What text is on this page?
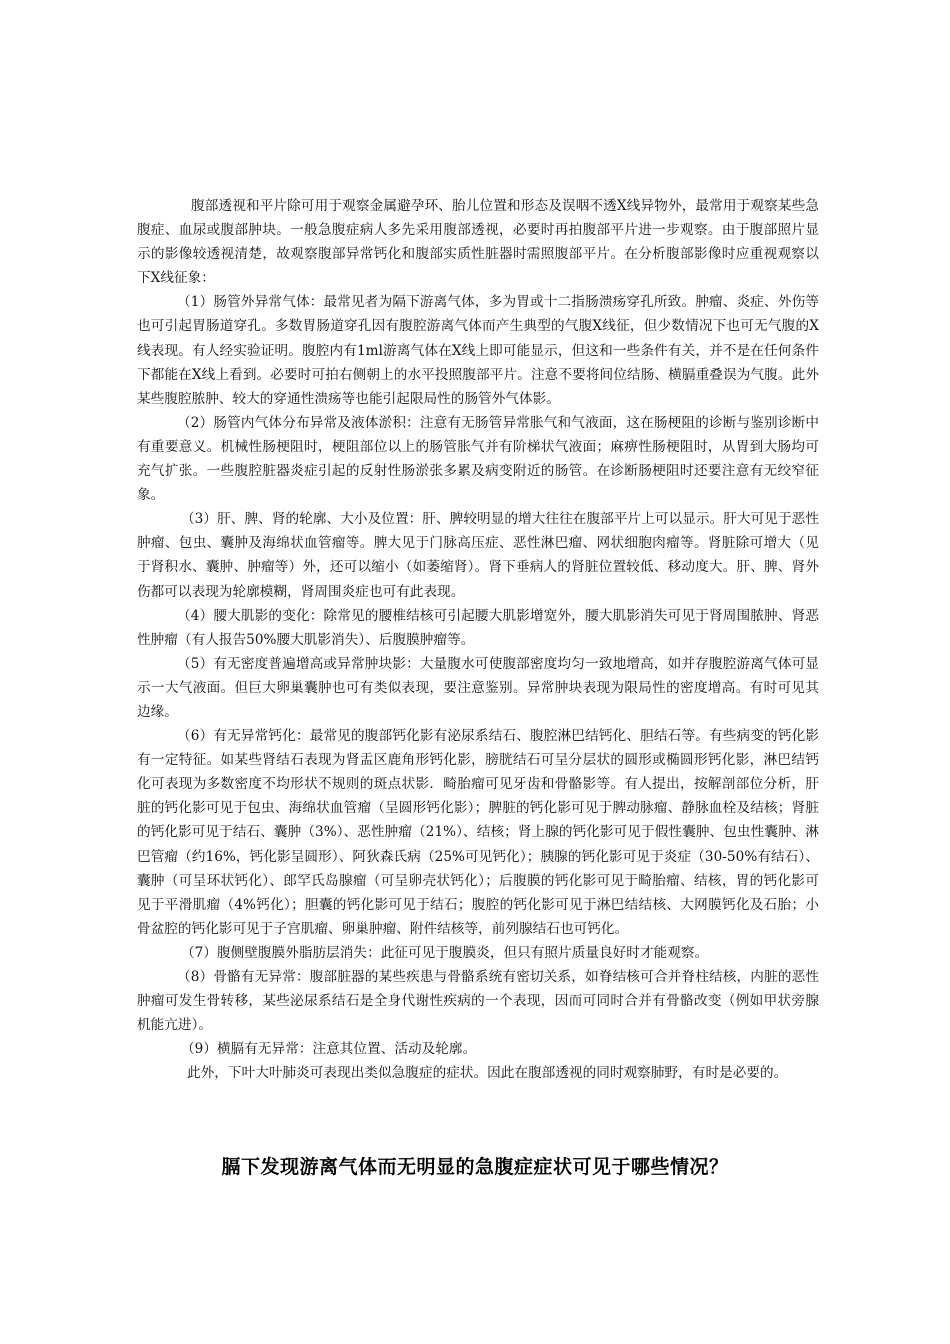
腹部透视和平片除可用于观察金属避孕环、胎儿位置和形态及误咽不透X线异物外，最常用于观察某些急腹症、血尿或腹部肿块。一般急腹症病人多先采用腹部透视，必要时再拍腹部平片进一步观察。由于腹部照片显示的影像较透视清楚，故观察腹部异常钙化和腹部实质性脏器时需照腹部平片。在分析腹部影像时应重视观察以下X线征象：

（1）肠管外异常气体：最常见者为隔下游离气体，多为胃或十二指肠溃疡穿孔所致。肿瘤、炎症、外伤等也可引起胃肠道穿孔。多数胃肠道穿孔因有腹腔游离气体而产生典型的气腹X线征，但少数情况下也可无气腹的X线表现。有人经实验证明。腹腔内有1ml游离气体在X线上即可能显示，但这和一些条件有关，并不是在任何条件下都能在X线上看到。必要时可拍右侧朝上的水平投照腹部平片。注意不要将间位结肠、横膈重叠误为气腹。此外某些腹腔脓肿、较大的穿通性溃疡等也能引起限局性的肠管外气体影。

（2）肠管内气体分布异常及液体淤积：注意有无肠管异常胀气和气液面，这在肠梗阻的诊断与鉴别诊断中有重要意义。机械性肠梗阻时，梗阻部位以上的肠管胀气并有阶梯状气液面；麻痹性肠梗阻时，从胃到大肠均可充气扩张。一些腹腔脏器炎症引起的反射性肠淤张多累及病变附近的肠管。在诊断肠梗阻时还要注意有无绞窄征象。

（3）肝、脾、肾的轮廓、大小及位置：肝、脾较明显的增大往往在腹部平片上可以显示。肝大可见于恶性肿瘤、包虫、囊肿及海绵状血管瘤等。脾大见于门脉高压症、恶性淋巴瘤、网状细胞肉瘤等。肾脏除可增大（见于肾积水、囊肿、肿瘤等）外，还可以缩小（如萎缩肾）。肾下垂病人的肾脏位置较低、移动度大。肝、脾、肾外伤都可以表现为轮廓模糊，肾周围炎症也可有此表现。

（4）腰大肌影的变化：除常见的腰椎结核可引起腰大肌影增宽外，腰大肌影消失可见于肾周围脓肿、肾恶性肿瘤（有人报告50%腰大肌影消失）、后腹膜肿瘤等。

（5）有无密度普遍增高或异常肿块影：大量腹水可使腹部密度均匀一致地增高，如并存腹腔游离气体可显示一大气液面。但巨大卵巢囊肿也可有类似表现，要注意鉴别。异常肿块表现为限局性的密度增高。有时可见其边缘。

（6）有无异常钙化：最常见的腹部钙化影有泌尿系结石、腹腔淋巴结钙化、胆结石等。有些病变的钙化影有一定特征。如某些肾结石表现为肾盂区鹿角形钙化影，膀胱结石可呈分层状的圆形或椭圆形钙化影，淋巴结钙化可表现为多数密度不均形状不规则的斑点状影．畸胎瘤可见牙齿和骨骼影等。有人提出，按解剖部位分析，肝脏的钙化影可见于包虫、海绵状血管瘤（呈圆形钙化影）；脾脏的钙化影可见于脾动脉瘤、静脉血栓及结核；肾脏的钙化影可见于结石、囊肿（3%）、恶性肿瘤（21%）、结核；肾上腺的钙化影可见于假性囊肿、包虫性囊肿、淋巴管瘤（约16%，钙化影呈圆形）、阿狄森氏病（25%可见钙化）；胰腺的钙化影可见于炎症（30-50%有结石）、囊肿（可呈环状钙化）、郎罕氏岛腺瘤（可呈卵壳状钙化）；后腹膜的钙化影可见于畸胎瘤、结核，胃的钙化影可见于平滑肌瘤（4%钙化）；胆囊的钙化影可见于结石；腹腔的钙化影可见于淋巴结结核、大网膜钙化及石胎；小骨盆腔的钙化影可见于子宫肌瘤、卵巢肿瘤、附件结核等，前列腺结石也可钙化。

（7）腹侧壁腹膜外脂肪层消失：此征可见于腹膜炎，但只有照片质量良好时才能观察。

（8）骨骼有无异常：腹部脏器的某些疾患与骨骼系统有密切关系，如脊结核可合并脊柱结核，内脏的恶性肿瘤可发生骨转移，某些泌尿系结石是全身代谢性疾病的一个表现，因而可同时合并有骨骼改变（例如甲状旁腺机能亢进）。

（9）横膈有无异常：注意其位置、活动及轮廓。

此外，下叶大叶肺炎可表现出类似急腹症的症状。因此在腹部透视的同时观察肺野，有时是必要的。

膈下发现游离气体而无明显的急腹症症状可见于哪些情况？
